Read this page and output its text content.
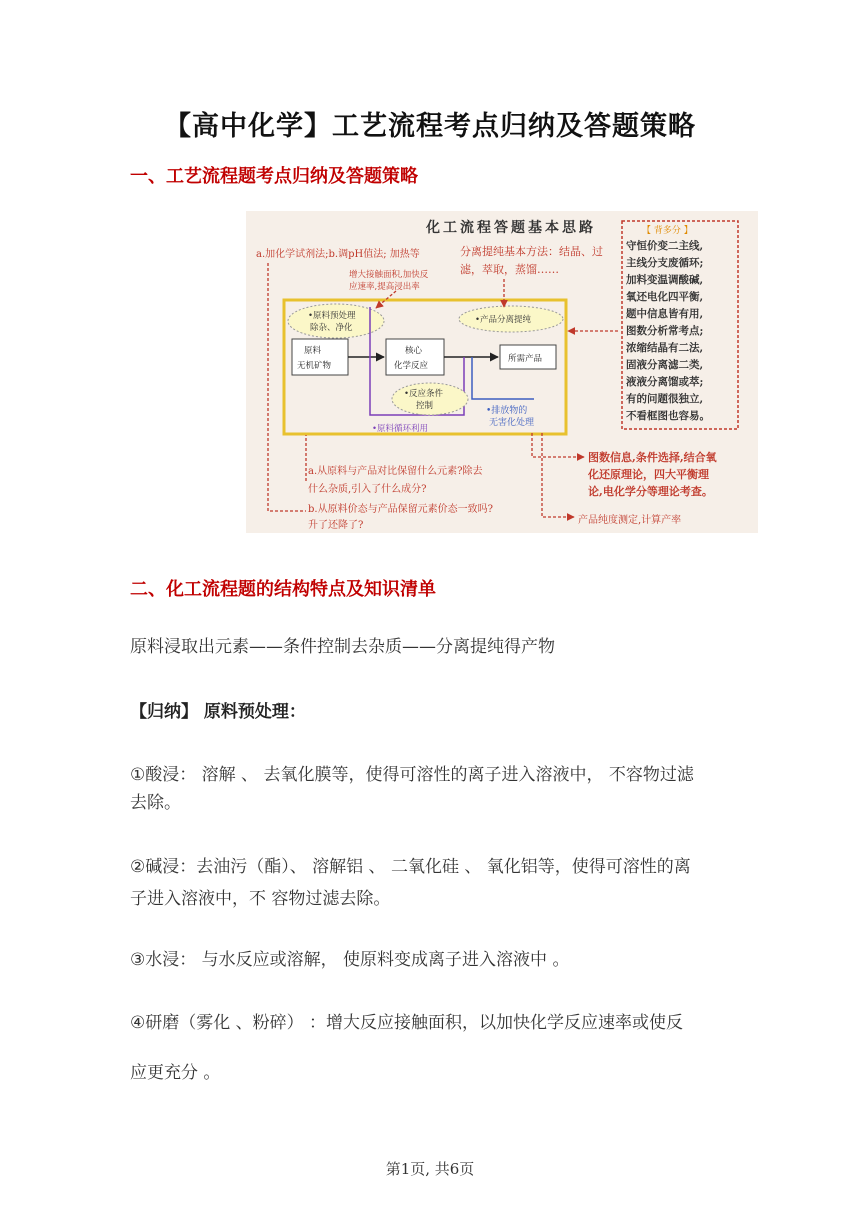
【高中化学】工艺流程考点归纳及答题策略
一、工艺流程题考点归纳及答题策略
化工流程答题基本思路
a.加化学试剂法;b.调pH值法; 加热等
增大接触面积,加快反
应速率,提高浸出率
分离提纯基本方法：结晶、过
滤，萃取，蒸馏……
【 背多分 】
守恒价变二主线,
主线分支废循环;
加料变温调酸碱,
氧还电化四平衡,
题中信息皆有用,
图数分析常考点;
浓缩结晶有二法,
固液分离滤二类,
液液分离馏或萃;
有的问题很独立,
不看框图也容易。
•原料预处理
除杂、净化
•产品分离提纯
原料
无机矿物
核心
化学反应
所需产品
•反应条件
控制	•排放物的
无害化处理
•原料循环利用
a.从原料与产品对比保留什么元素?除去
什么杂质,引入了什么成分?
b.从原料价态与产品保留元素价态一致吗?
升了还降了?
图数信息,条件选择,结合氧
化还原理论，四大平衡理
论,电化学分等理论考查。
产品纯度测定,计算产率
二、化工流程题的结构特点及知识清单
原料浸取出元素——条件控制去杂质——分离提纯得产物
【归纳】 原料预处理：
①酸浸： 溶解 、 去氧化膜等，使得可溶性的离子进入溶液中， 不容物过滤
去除。
②碱浸：去油污（酯）、 溶解铝 、 二氧化硅 、 氧化铝等，使得可溶性的离
子进入溶液中，不 容物过滤去除。
③水浸： 与水反应或溶解， 使原料变成离子进入溶液中 。
④研磨（雾化 、粉碎） ：增大反应接触面积，以加快化学反应速率或使反
应更充分 。
第1页, 共6页
